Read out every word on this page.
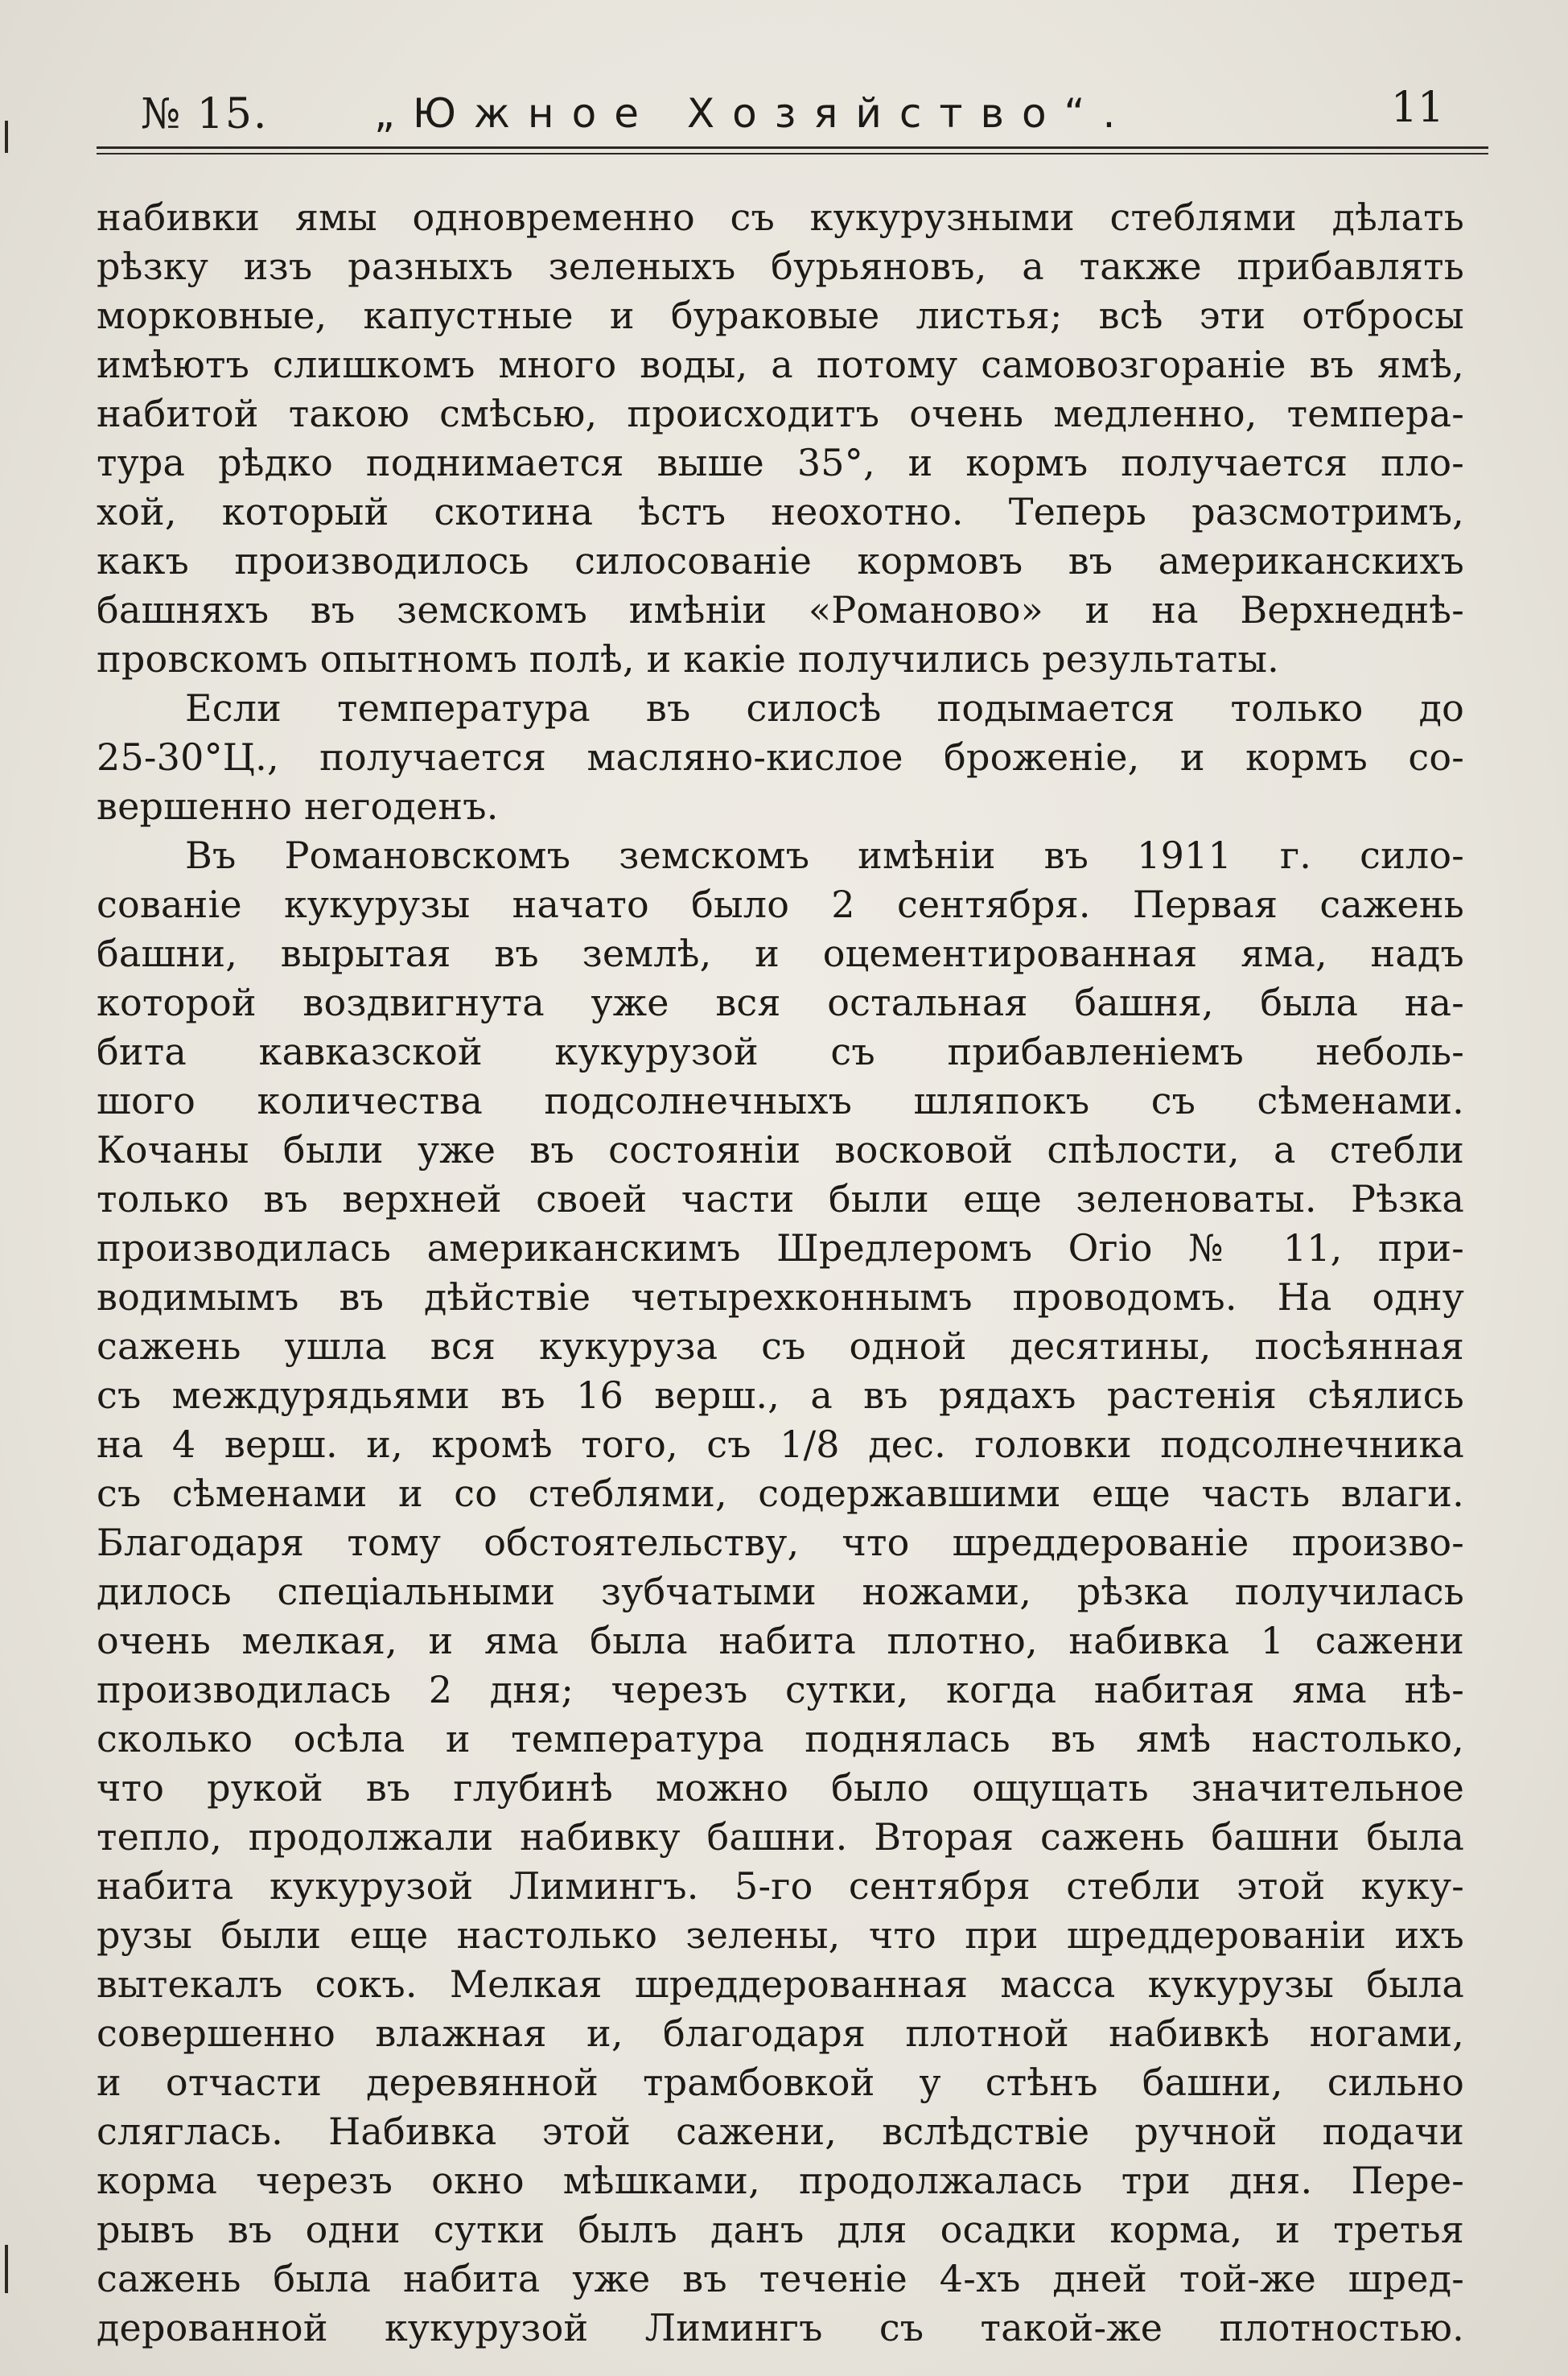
№ 15.	„Южное Хозяйство“.	11
набивки ямы одновременно съ кукурузными стеблями дѣлать
рѣзку изъ разныхъ зеленыхъ бурьяновъ, а также прибавлять
морковные, капустные и бураковые листья; всѣ эти отбросы
имѣютъ слишкомъ много воды, а потому самовозгораніе въ ямѣ,
набитой такою смѣсью, происходитъ очень медленно, темпера-
тура рѣдко поднимается выше 35°, и кормъ получается пло-
хой, который скотина ѣстъ неохотно. Теперь разсмотримъ,
какъ производилось силосованіе кормовъ въ американскихъ
башняхъ въ земскомъ имѣніи «Романово» и на Верхнеднѣ-
провскомъ опытномъ полѣ, и какіе получились результаты.
Если температура въ силосѣ подымается только до
25-30°Ц., получается масляно-кислое броженіе, и кормъ со-
вершенно негоденъ.
Въ Романовскомъ земскомъ имѣніи въ 1911 г. сило-
сованіе кукурузы начато было 2 сентября. Первая сажень
башни, вырытая въ землѣ, и оцементированная яма, надъ
которой воздвигнута уже вся остальная башня, была на-
бита кавказской кукурузой съ прибавленіемъ неболь-
шого количества подсолнечныхъ шляпокъ съ сѣменами.
Кочаны были уже въ состояніи восковой спѣлости, а стебли
только въ верхней своей части были еще зеленоваты. Рѣзка
производилась американскимъ Шредлеромъ Огіо № 11, при-
водимымъ въ дѣйствіе четырехконнымъ проводомъ. На одну
сажень ушла вся кукуруза съ одной десятины, посѣянная
съ междурядьями въ 16 верш., а въ рядахъ растенія сѣялись
на 4 верш. и, кромѣ того, съ 1/8 дес. головки подсолнечника
съ сѣменами и со стеблями, содержавшими еще часть влаги.
Благодаря тому обстоятельству, что шреддерованіе произво-
дилось спеціальными зубчатыми ножами, рѣзка получилась
очень мелкая, и яма была набита плотно, набивка 1 сажени
производилась 2 дня; черезъ сутки, когда набитая яма нѣ-
сколько осѣла и температура поднялась въ ямѣ настолько,
что рукой въ глубинѣ можно было ощущать значительное
тепло, продолжали набивку башни. Вторая сажень башни была
набита кукурузой Лимингъ. 5-го сентября стебли этой куку-
рузы были еще настолько зелены, что при шреддерованіи ихъ
вытекалъ сокъ. Мелкая шреддерованная масса кукурузы была
совершенно влажная и, благодаря плотной набивкѣ ногами,
и отчасти деревянной трамбовкой у стѣнъ башни, сильно
сляглась. Набивка этой сажени, вслѣдствіе ручной подачи
корма черезъ окно мѣшками, продолжалась три дня. Пере-
рывъ въ одни сутки былъ данъ для осадки корма, и третья
сажень была набита уже въ теченіе 4-хъ дней той-же шред-
дерованной кукурузой Лимингъ съ такой-же плотностью.
